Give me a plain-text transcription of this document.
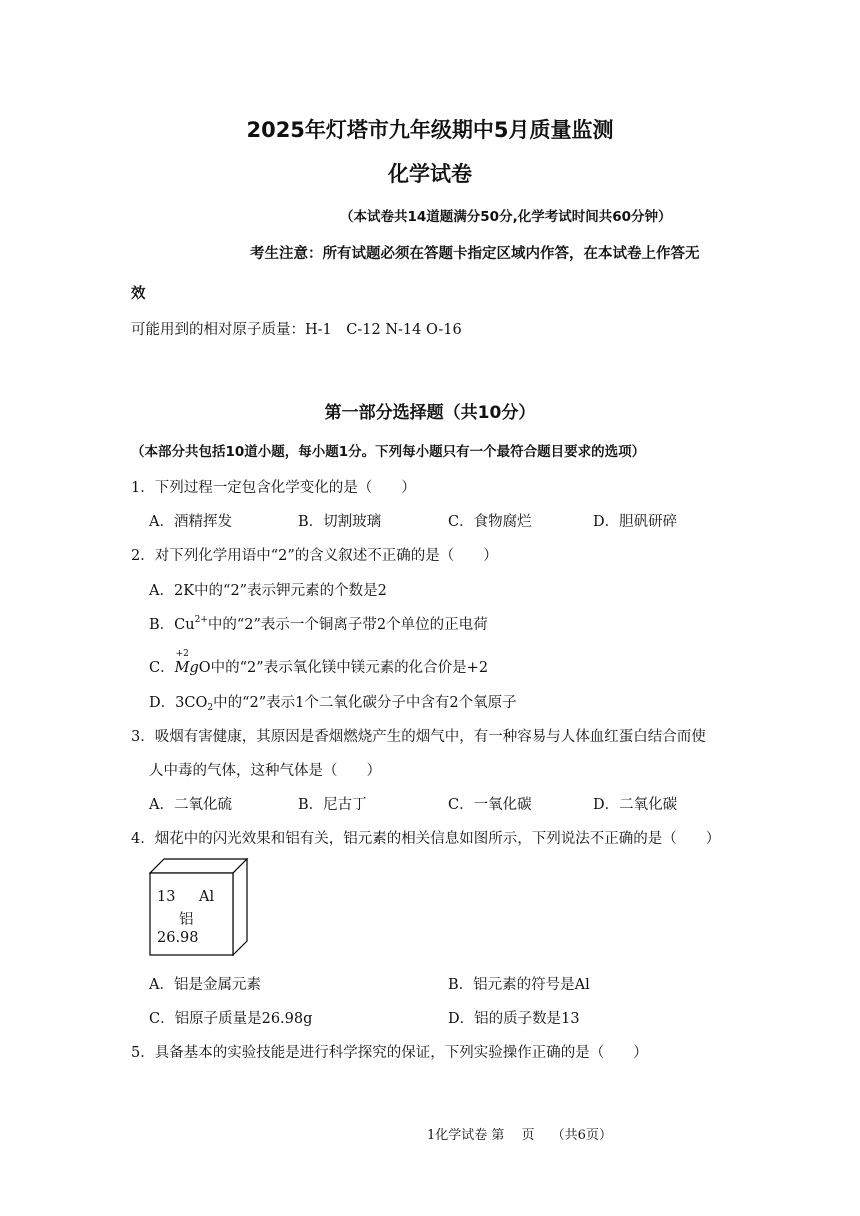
2025年灯塔市九年级期中5月质量监测
化学试卷
（本试卷共14道题满分50分,化学考试时间共60分钟）
考生注意：所有试题必须在答题卡指定区域内作答，在本试卷上作答无
效
可能用到的相对原子质量：H-1　C-12 N-14 O-16
第一部分选择题（共10分）
（本部分共包括10道小题，每小题1分。下列每小题只有一个最符合题目要求的选项）
1．下列过程一定包含化学变化的是（　　）
A．酒精挥发	B．切割玻璃	C．食物腐烂	D．胆矾研碎
2．对下列化学用语中“2”的含义叙述不正确的是（　　）
A．2K中的“2”表示钾元素的个数是2
B．$Cu^{2+}$中的“2”表示一个铜离子带2个单位的正电荷
C．
+2
MgO中的“2”表示氧化镁中镁元素的化合价是+2
D．$3CO_2$中的“2”表示1个二氧化碳分子中含有2个氧原子
3．吸烟有害健康，其原因是香烟燃烧产生的烟气中，有一种容易与人体血红蛋白结合而使
人中毒的气体，这种气体是（　　）
A．二氧化硫	B．尼古丁	C．一氧化碳	D．二氧化碳
4．烟花中的闪光效果和铝有关，铝元素的相关信息如图所示，下列说法不正确的是（　　）
13 Al
铝
26.98
A．铝是金属元素	B．铝元素的符号是Al
C．铝原子质量是26.98g	D．铝的质子数是13
5．具备基本的实验技能是进行科学探究的保证，下列实验操作正确的是（　　）
1化学试卷 第　 页　 （共6页）
